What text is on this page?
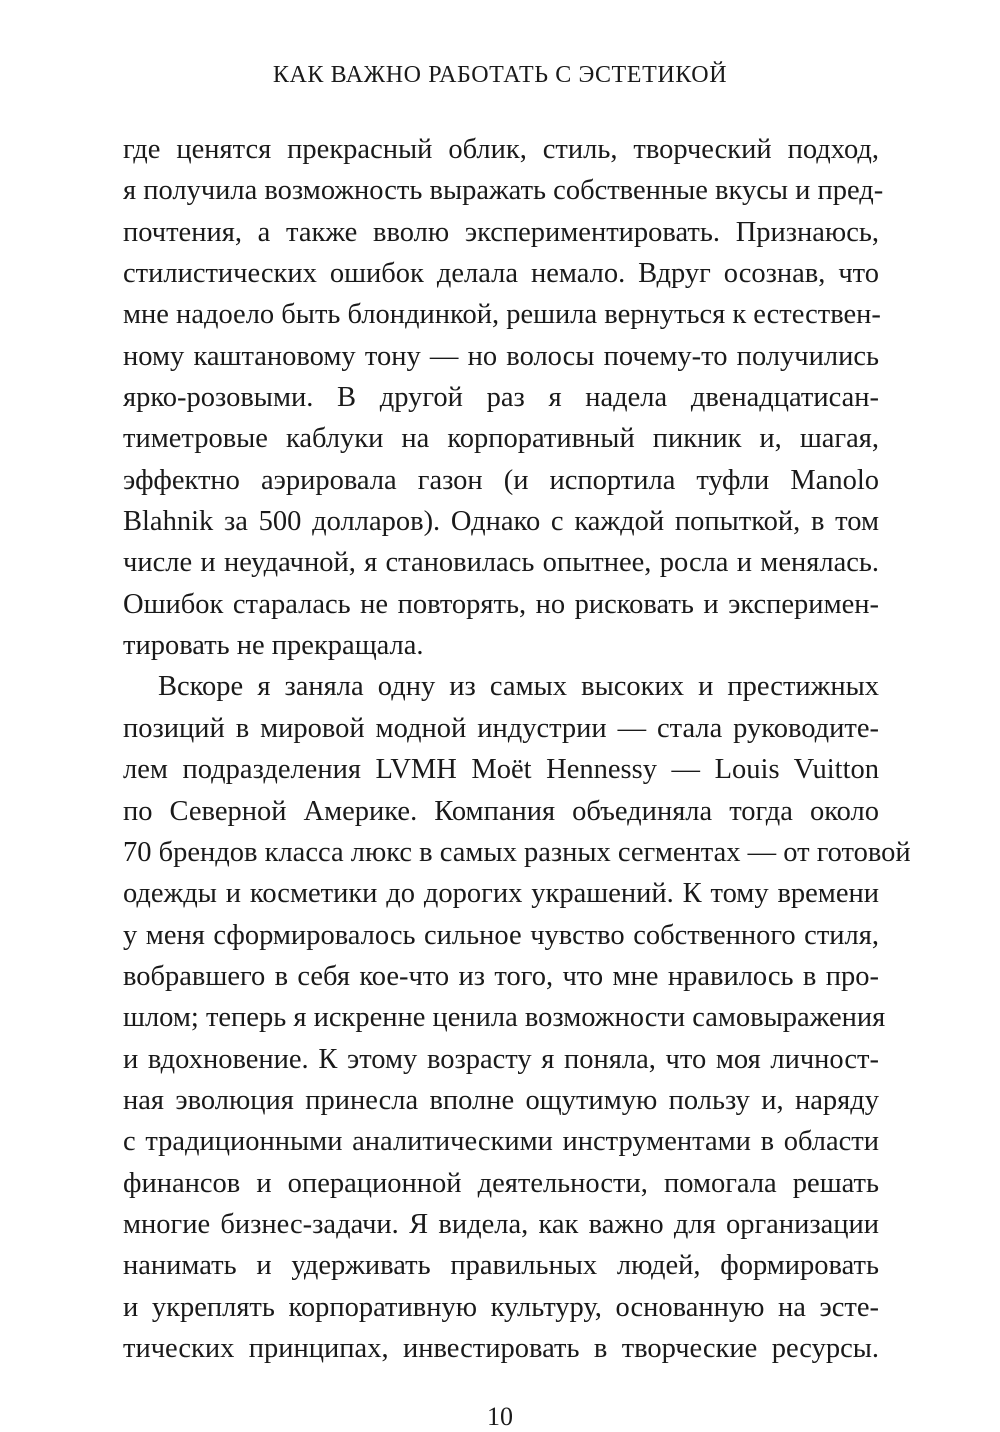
КАК ВАЖНО РАБОТАТЬ С ЭСТЕТИКОЙ
где ценятся прекрасный облик, стиль, творческий подход,
я получила возможность выражать собственные вкусы и пред-
почтения, а также вволю экспериментировать. Признаюсь,
стилистических ошибок делала немало. Вдруг осознав, что
мне надоело быть блондинкой, решила вернуться к естествен-
ному каштановому тону — но волосы почему-то получились
ярко-розовыми. В другой раз я надела двенадцатисан-
тиметровые каблуки на корпоративный пикник и, шагая,
эффектно аэрировала газон (и испортила туфли Manolo
Blahnik за 500 долларов). Однако с каждой попыткой, в том
числе и неудачной, я становилась опытнее, росла и менялась.
Ошибок старалась не повторять, но рисковать и эксперимен-
тировать не прекращала.
Вскоре я заняла одну из самых высоких и престижных
позиций в мировой модной индустрии — стала руководите-
лем подразделения LVMH Moët Hennessy — Louis Vuitton
по Северной Америке. Компания объединяла тогда около
70 брендов класса люкс в самых разных сегментах — от готовой
одежды и косметики до дорогих украшений. К тому времени
у меня сформировалось сильное чувство собственного стиля,
вобравшего в себя кое-что из того, что мне нравилось в про-
шлом; теперь я искренне ценила возможности самовыражения
и вдохновение. К этому возрасту я поняла, что моя личност-
ная эволюция принесла вполне ощутимую пользу и, наряду
с традиционными аналитическими инструментами в области
финансов и операционной деятельности, помогала решать
многие бизнес-задачи. Я видела, как важно для организации
нанимать и удерживать правильных людей, формировать
и укреплять корпоративную культуру, основанную на эсте-
тических принципах, инвестировать в творческие ресурсы.
10
